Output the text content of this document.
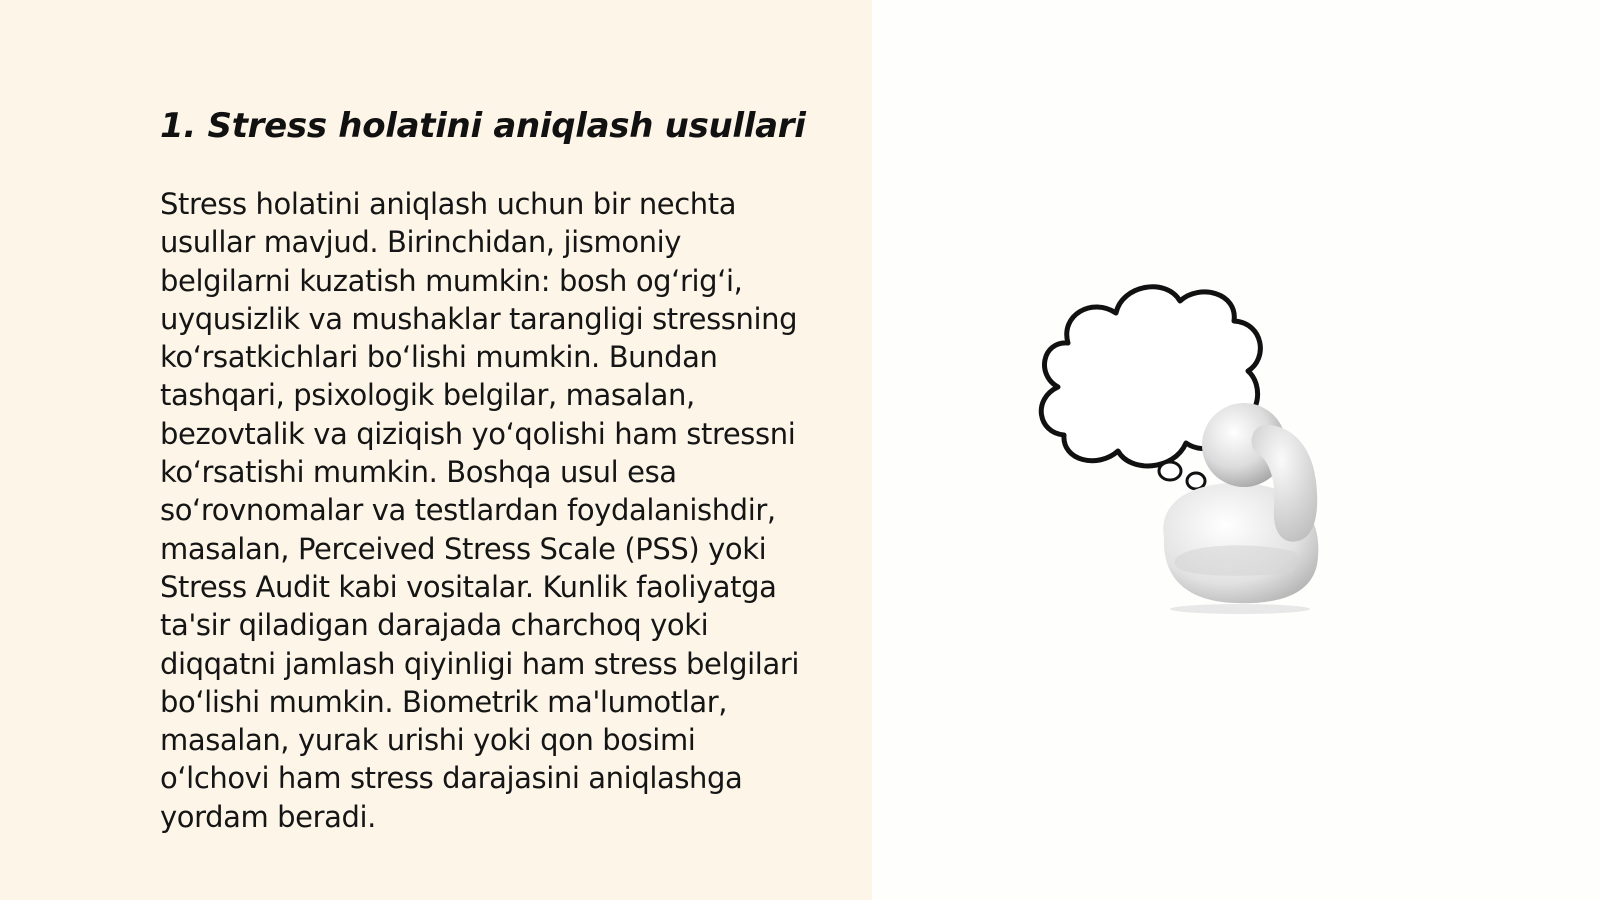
1. Stress holatini aniqlash usullari

Stress holatini aniqlash uchun bir nechta
usullar mavjud. Birinchidan, jismoniy
belgilarni kuzatish mumkin: bosh og‘rig‘i,
uyqusizlik va mushaklar tarangligi stressning
ko‘rsatkichlari bo‘lishi mumkin. Bundan
tashqari, psixologik belgilar, masalan,
bezovtalik va qiziqish yo‘qolishi ham stressni
ko‘rsatishi mumkin. Boshqa usul esa
so‘rovnomalar va testlardan foydalanishdir,
masalan, Perceived Stress Scale (PSS) yoki
Stress Audit kabi vositalar. Kunlik faoliyatga
ta'sir qiladigan darajada charchoq yoki
diqqatni jamlash qiyinligi ham stress belgilari
bo‘lishi mumkin. Biometrik ma'lumotlar,
masalan, yurak urishi yoki qon bosimi
o‘lchovi ham stress darajasini aniqlashga
yordam beradi.
